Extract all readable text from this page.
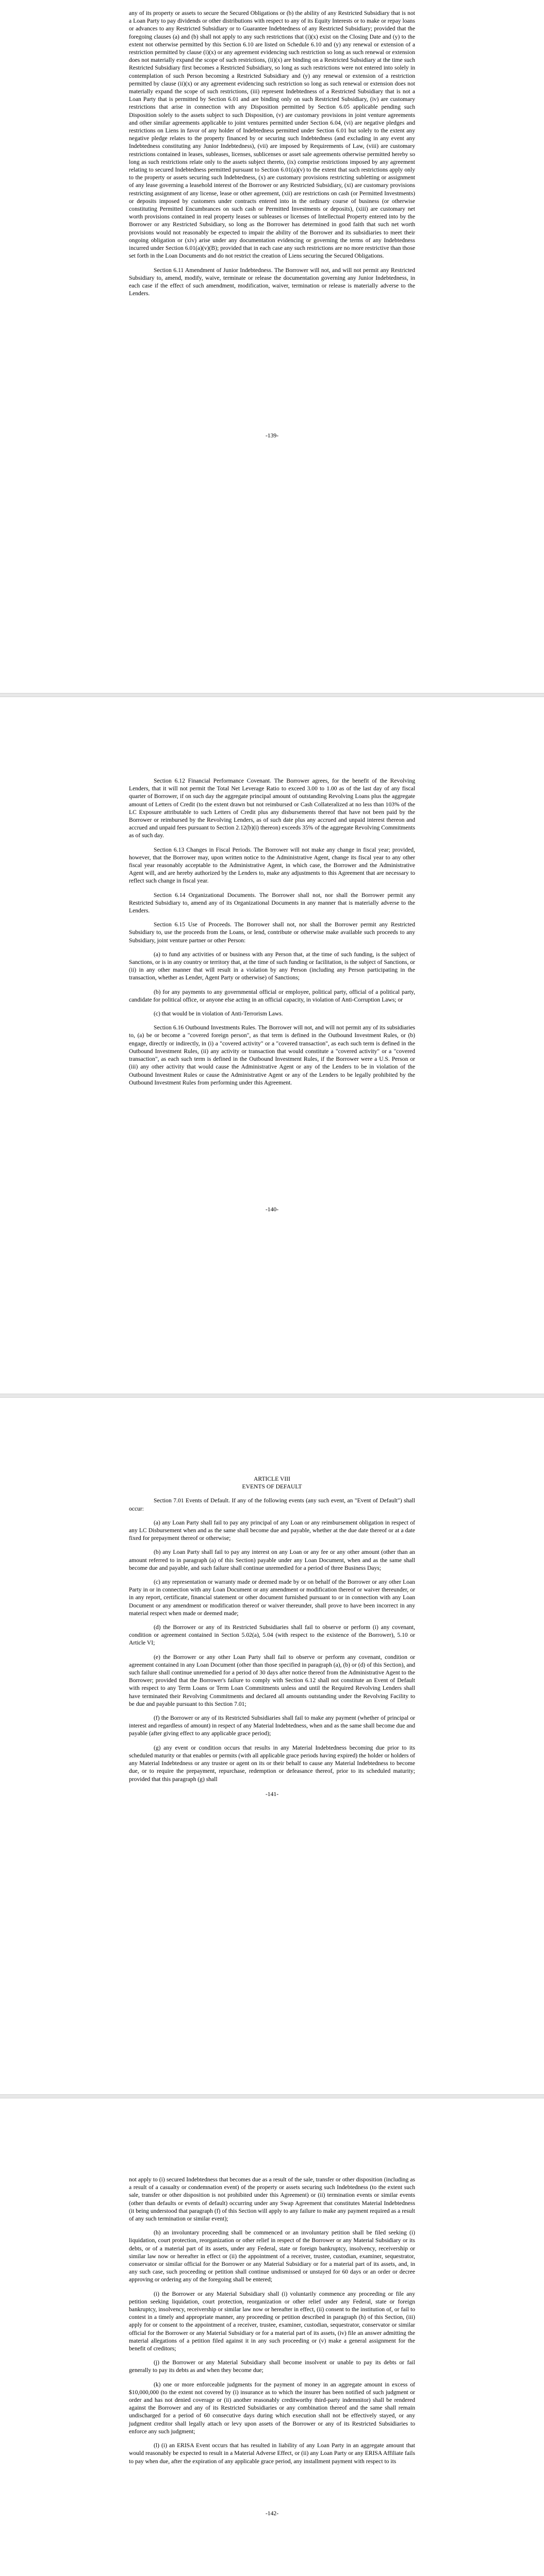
any of its property or assets to secure the Secured Obligations or (b) the ability of any Restricted Subsidiary that is not a Loan Party to pay dividends or other distributions with respect to any of its Equity Interests or to make or repay loans or advances to any Restricted Subsidiary or to Guarantee Indebtedness of any Restricted Subsidiary; provided that the foregoing clauses (a) and (b) shall not apply to any such restrictions that (i)(x) exist on the Closing Date and (y) to the extent not otherwise permitted by this Section 6.10 are listed on Schedule 6.10 and (y) any renewal or extension of a restriction permitted by clause (i)(x) or any agreement evidencing such restriction so long as such renewal or extension does not materially expand the scope of such restrictions, (ii)(x) are binding on a Restricted Subsidiary at the time such Restricted Subsidiary first becomes a Restricted Subsidiary, so long as such restrictions were not entered into solely in contemplation of such Person becoming a Restricted Subsidiary and (y) any renewal or extension of a restriction permitted by clause (ii)(x) or any agreement evidencing such restriction so long as such renewal or extension does not materially expand the scope of such restrictions, (iii) represent Indebtedness of a Restricted Subsidiary that is not a Loan Party that is permitted by Section 6.01 and are binding only on such Restricted Subsidiary, (iv) are customary restrictions that arise in connection with any Disposition permitted by Section 6.05 applicable pending such Disposition solely to the assets subject to such Disposition, (v) are customary provisions in joint venture agreements and other similar agreements applicable to joint ventures permitted under Section 6.04, (vi) are negative pledges and restrictions on Liens in favor of any holder of Indebtedness permitted under Section 6.01 but solely to the extent any negative pledge relates to the property financed by or securing such Indebtedness (and excluding in any event any Indebtedness constituting any Junior Indebtedness), (vii) are imposed by Requirements of Law, (viii) are customary restrictions contained in leases, subleases, licenses, sublicenses or asset sale agreements otherwise permitted hereby so long as such restrictions relate only to the assets subject thereto, (ix) comprise restrictions imposed by any agreement relating to secured Indebtedness permitted pursuant to Section 6.01(a)(v) to the extent that such restrictions apply only to the property or assets securing such Indebtedness, (x) are customary provisions restricting subletting or assignment of any lease governing a leasehold interest of the Borrower or any Restricted Subsidiary, (xi) are customary provisions restricting assignment of any license, lease or other agreement, (xii) are restrictions on cash (or Permitted Investments) or deposits imposed by customers under contracts entered into in the ordinary course of business (or otherwise constituting Permitted Encumbrances on such cash or Permitted Investments or deposits), (xiii) are customary net worth provisions contained in real property leases or subleases or licenses of Intellectual Property entered into by the Borrower or any Restricted Subsidiary, so long as the Borrower has determined in good faith that such net worth provisions would not reasonably be expected to impair the ability of the Borrower and its subsidiaries to meet their ongoing obligation or (xiv) arise under any documentation evidencing or governing the terms of any Indebtedness incurred under Section 6.01(a)(v)(B); provided that in each case any such restrictions are no more restrictive than those set forth in the Loan Documents and do not restrict the creation of Liens securing the Secured Obligations.

Section 6.11 Amendment of Junior Indebtedness. The Borrower will not, and will not permit any Restricted Subsidiary to, amend, modify, waive, terminate or release the documentation governing any Junior Indebtedness, in each case if the effect of such amendment, modification, waiver, termination or release is materially adverse to the Lenders.

-139-

Section 6.12 Financial Performance Covenant. The Borrower agrees, for the benefit of the Revolving Lenders, that it will not permit the Total Net Leverage Ratio to exceed 3.00 to 1.00 as of the last day of any fiscal quarter of Borrower, if on such day the aggregate principal amount of outstanding Revolving Loans plus the aggregate amount of Letters of Credit (to the extent drawn but not reimbursed or Cash Collateralized at no less than 103% of the LC Exposure attributable to such Letters of Credit plus any disbursements thereof that have not been paid by the Borrower or reimbursed by the Revolving Lenders, as of such date plus any accrued and unpaid interest thereon and accrued and unpaid fees pursuant to Section 2.12(b)(i) thereon) exceeds 35% of the aggregate Revolving Commitments as of such day.

Section 6.13 Changes in Fiscal Periods. The Borrower will not make any change in fiscal year; provided, however, that the Borrower may, upon written notice to the Administrative Agent, change its fiscal year to any other fiscal year reasonably acceptable to the Administrative Agent, in which case, the Borrower and the Administrative Agent will, and are hereby authorized by the Lenders to, make any adjustments to this Agreement that are necessary to reflect such change in fiscal year.

Section 6.14 Organizational Documents. The Borrower shall not, nor shall the Borrower permit any Restricted Subsidiary to, amend any of its Organizational Documents in any manner that is materially adverse to the Lenders.

Section 6.15 Use of Proceeds. The Borrower shall not, nor shall the Borrower permit any Restricted Subsidiary to, use the proceeds from the Loans, or lend, contribute or otherwise make available such proceeds to any Subsidiary, joint venture partner or other Person:

(a) to fund any activities of or business with any Person that, at the time of such funding, is the subject of Sanctions, or is in any country or territory that, at the time of such funding or facilitation, is the subject of Sanctions, or (ii) in any other manner that will result in a violation by any Person (including any Person participating in the transaction, whether as Lender, Agent Party or otherwise) of Sanctions;

(b) for any payments to any governmental official or employee, political party, official of a political party, candidate for political office, or anyone else acting in an official capacity, in violation of Anti-Corruption Laws; or

(c) that would be in violation of Anti-Terrorism Laws.

Section 6.16 Outbound Investments Rules. The Borrower will not, and will not permit any of its subsidiaries to, (a) be or become a "covered foreign person", as that term is defined in the Outbound Investment Rules, or (b) engage, directly or indirectly, in (i) a "covered activity" or a "covered transaction", as each such term is defined in the Outbound Investment Rules, (ii) any activity or transaction that would constitute a "covered activity" or a "covered transaction", as each such term is defined in the Outbound Investment Rules, if the Borrower were a U.S. Person or (iii) any other activity that would cause the Administrative Agent or any of the Lenders to be in violation of the Outbound Investment Rules or cause the Administrative Agent or any of the Lenders to be legally prohibited by the Outbound Investment Rules from performing under this Agreement.

-140-
ARTICLE VIII
EVENTS OF DEFAULT

Section 7.01 Events of Default. If any of the following events (any such event, an "Event of Default") shall occur:

(a) any Loan Party shall fail to pay any principal of any Loan or any reimbursement obligation in respect of any LC Disbursement when and as the same shall become due and payable, whether at the due date thereof or at a date fixed for prepayment thereof or otherwise;

(b) any Loan Party shall fail to pay any interest on any Loan or any fee or any other amount (other than an amount referred to in paragraph (a) of this Section) payable under any Loan Document, when and as the same shall become due and payable, and such failure shall continue unremedied for a period of three Business Days;

(c) any representation or warranty made or deemed made by or on behalf of the Borrower or any other Loan Party in or in connection with any Loan Document or any amendment or modification thereof or waiver thereunder, or in any report, certificate, financial statement or other document furnished pursuant to or in connection with any Loan Document or any amendment or modification thereof or waiver thereunder, shall prove to have been incorrect in any material respect when made or deemed made;

(d) the Borrower or any of its Restricted Subsidiaries shall fail to observe or perform (i) any covenant, condition or agreement contained in Section 5.02(a), 5.04 (with respect to the existence of the Borrower), 5.10 or Article VI;

(e) the Borrower or any other Loan Party shall fail to observe or perform any covenant, condition or agreement contained in any Loan Document (other than those specified in paragraph (a), (b) or (d) of this Section), and such failure shall continue unremedied for a period of 30 days after notice thereof from the Administrative Agent to the Borrower; provided that the Borrower's failure to comply with Section 6.12 shall not constitute an Event of Default with respect to any Term Loans or Term Loan Commitments unless and until the Required Revolving Lenders shall have terminated their Revolving Commitments and declared all amounts outstanding under the Revolving Facility to be due and payable pursuant to this Section 7.01;

(f) the Borrower or any of its Restricted Subsidiaries shall fail to make any payment (whether of principal or interest and regardless of amount) in respect of any Material Indebtedness, when and as the same shall become due and payable (after giving effect to any applicable grace period);

(g) any event or condition occurs that results in any Material Indebtedness becoming due prior to its scheduled maturity or that enables or permits (with all applicable grace periods having expired) the holder or holders of any Material Indebtedness or any trustee or agent on its or their behalf to cause any Material Indebtedness to become due, or to require the prepayment, repurchase, redemption or defeasance thereof, prior to its scheduled maturity; provided that this paragraph (g) shall

-141-

not apply to (i) secured Indebtedness that becomes due as a result of the sale, transfer or other disposition (including as a result of a casualty or condemnation event) of the property or assets securing such Indebtedness (to the extent such sale, transfer or other disposition is not prohibited under this Agreement) or (ii) termination events or similar events (other than defaults or events of default) occurring under any Swap Agreement that constitutes Material Indebtedness (it being understood that paragraph (f) of this Section will apply to any failure to make any payment required as a result of any such termination or similar event);

(h) an involuntary proceeding shall be commenced or an involuntary petition shall be filed seeking (i) liquidation, court protection, reorganization or other relief in respect of the Borrower or any Material Subsidiary or its debts, or of a material part of its assets, under any Federal, state or foreign bankruptcy, insolvency, receivership or similar law now or hereafter in effect or (ii) the appointment of a receiver, trustee, custodian, examiner, sequestrator, conservator or similar official for the Borrower or any Material Subsidiary or for a material part of its assets, and, in any such case, such proceeding or petition shall continue undismissed or unstayed for 60 days or an order or decree approving or ordering any of the foregoing shall be entered;

(i) the Borrower or any Material Subsidiary shall (i) voluntarily commence any proceeding or file any petition seeking liquidation, court protection, reorganization or other relief under any Federal, state or foreign bankruptcy, insolvency, receivership or similar law now or hereafter in effect, (ii) consent to the institution of, or fail to contest in a timely and appropriate manner, any proceeding or petition described in paragraph (h) of this Section, (iii) apply for or consent to the appointment of a receiver, trustee, examiner, custodian, sequestrator, conservator or similar official for the Borrower or any Material Subsidiary or for a material part of its assets, (iv) file an answer admitting the material allegations of a petition filed against it in any such proceeding or (v) make a general assignment for the benefit of creditors;

(j) the Borrower or any Material Subsidiary shall become insolvent or unable to pay its debts or fail generally to pay its debts as and when they become due;

(k) one or more enforceable judgments for the payment of money in an aggregate amount in excess of $10,000,000 (to the extent not covered by (i) insurance as to which the insurer has been notified of such judgment or order and has not denied coverage or (ii) another reasonably creditworthy third-party indemnitor) shall be rendered against the Borrower and any of its Restricted Subsidiaries or any combination thereof and the same shall remain undischarged for a period of 60 consecutive days during which execution shall not be effectively stayed, or any judgment creditor shall legally attach or levy upon assets of the Borrower or any of its Restricted Subsidiaries to enforce any such judgment;

(l) (i) an ERISA Event occurs that has resulted in liability of any Loan Party in an aggregate amount that would reasonably be expected to result in a Material Adverse Effect, or (ii) any Loan Party or any ERISA Affiliate fails to pay when due, after the expiration of any applicable grace period, any installment payment with respect to its

-142-
